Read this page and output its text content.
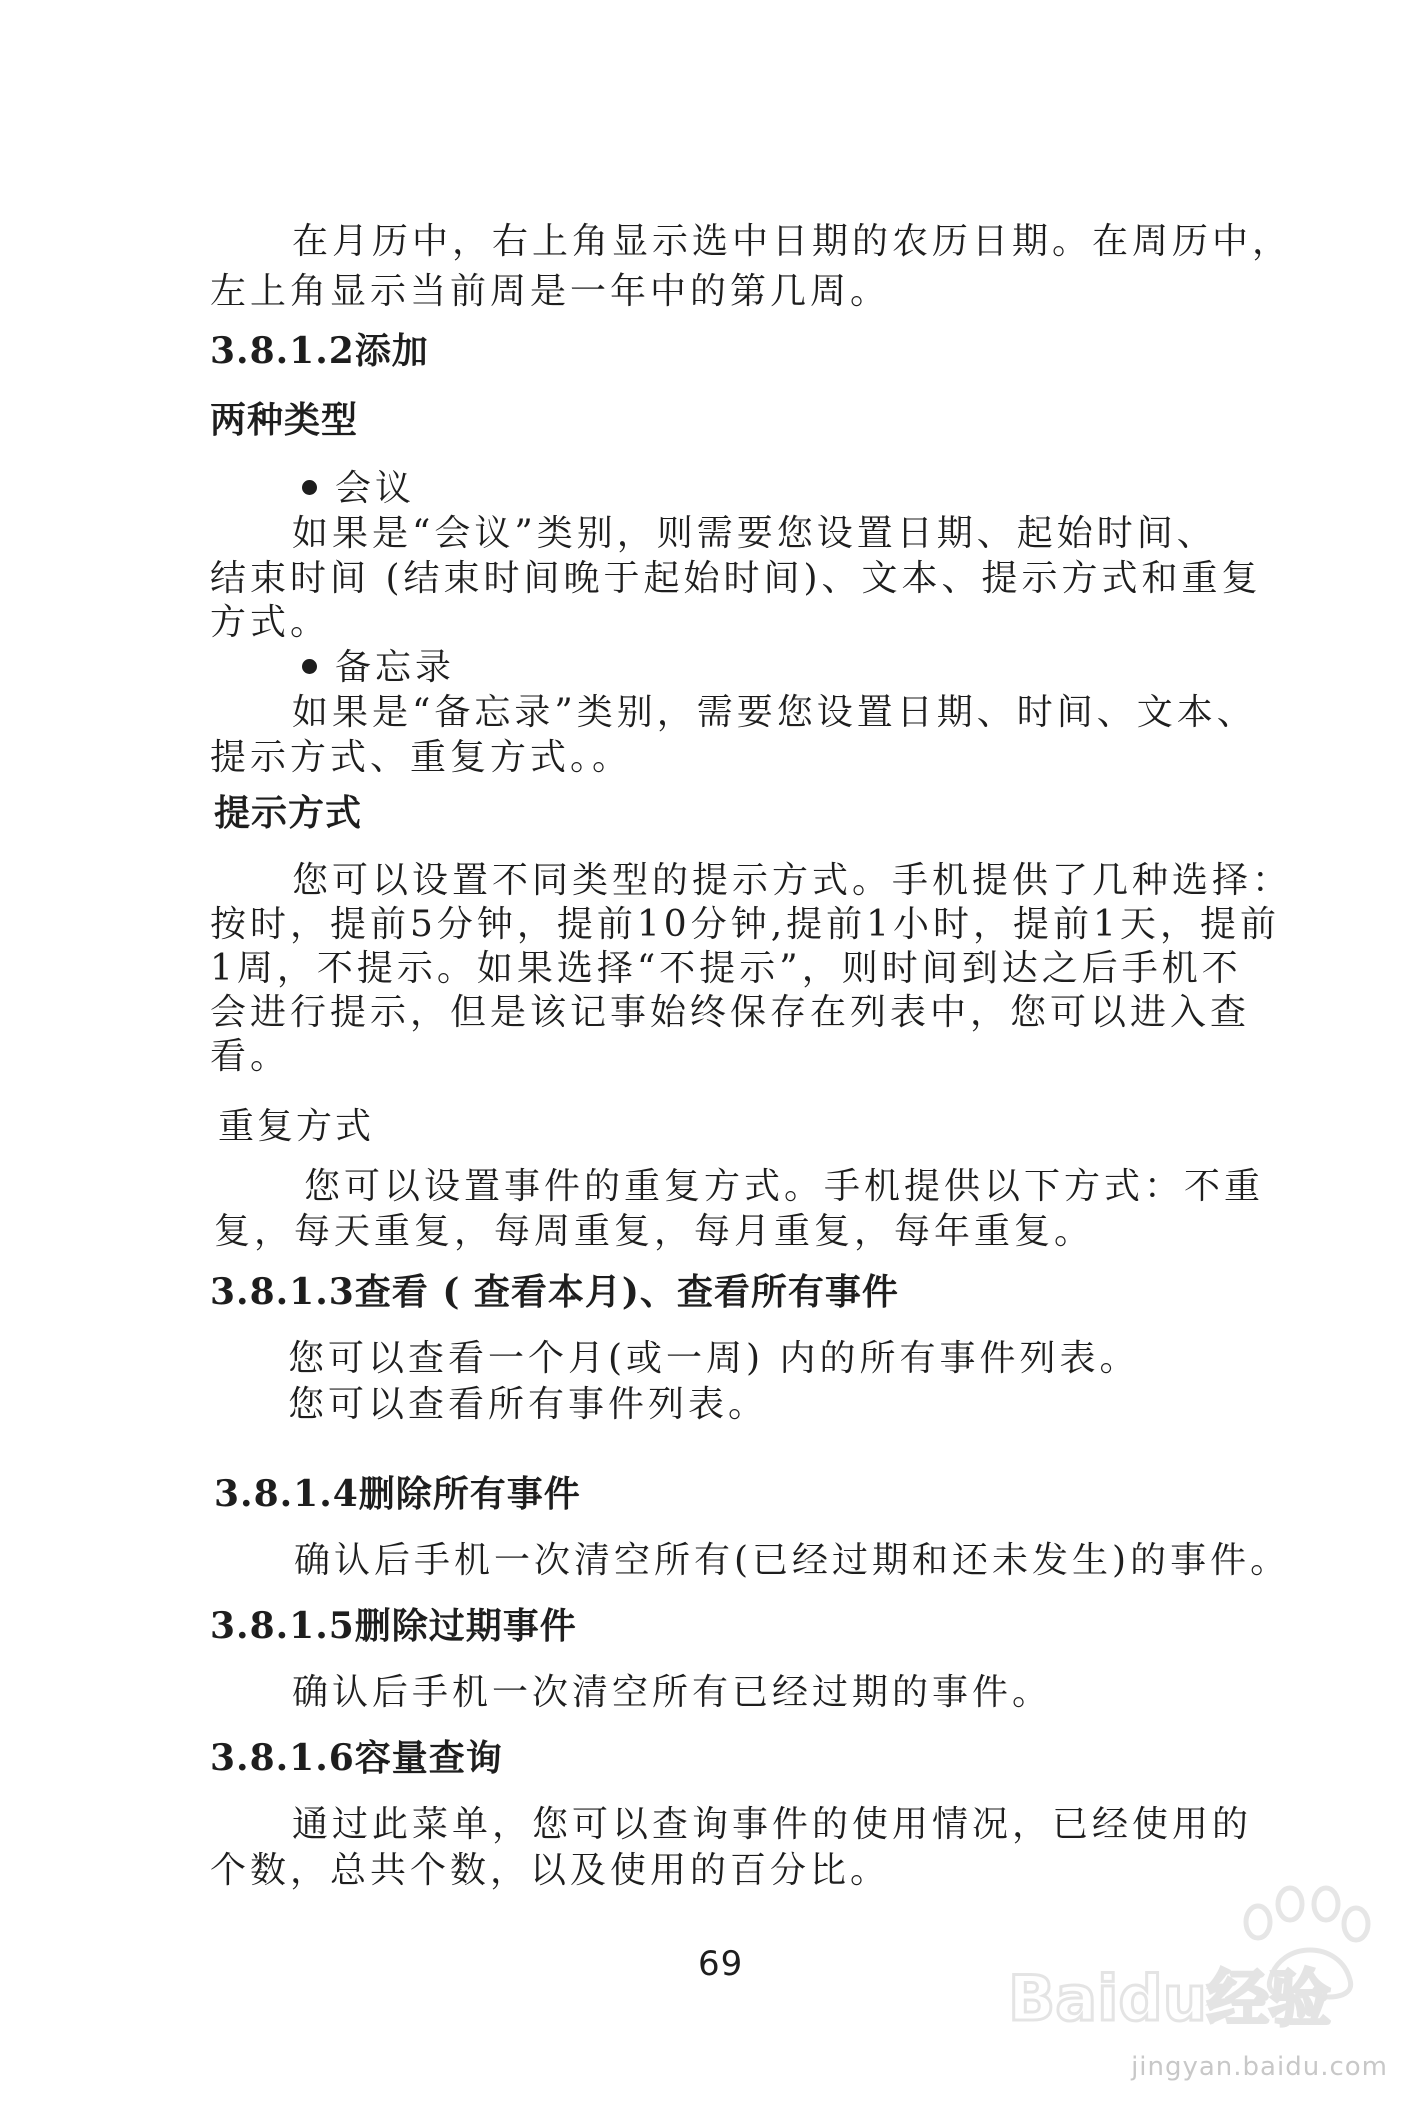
在月历中，右上角显示选中日期的农历日期。在周历中，

左上角显示当前周是一年中的第几周。

3.8.1.2添加

两种类型

会议

如果是“会议”类别，则需要您设置日期、起始时间、

结束时间 (结束时间晚于起始时间)、文本、提示方式和重复

方式。

备忘录

如果是“备忘录”类别，需要您设置日期、时间、文本、

提示方式、重复方式。。

提示方式

您可以设置不同类型的提示方式。手机提供了几种选择：

按时，提前5分钟，提前10分钟,提前1小时，提前1天，提前

1周，不提示。如果选择“不提示”，则时间到达之后手机不

会进行提示，但是该记事始终保存在列表中，您可以进入查

看。

重复方式

您可以设置事件的重复方式。手机提供以下方式：不重

复，每天重复，每周重复，每月重复，每年重复。

3.8.1.3查看 ( 查看本月)、查看所有事件

您可以查看一个月(或一周) 内的所有事件列表。

您可以查看所有事件列表。

3.8.1.4删除所有事件

确认后手机一次清空所有(已经过期和还未发生)的事件。

3.8.1.5删除过期事件

确认后手机一次清空所有已经过期的事件。

3.8.1.6容量查询

通过此菜单，您可以查询事件的使用情况，已经使用的

个数，总共个数，以及使用的百分比。

69	Baidu经验
jingyan.baidu.com
